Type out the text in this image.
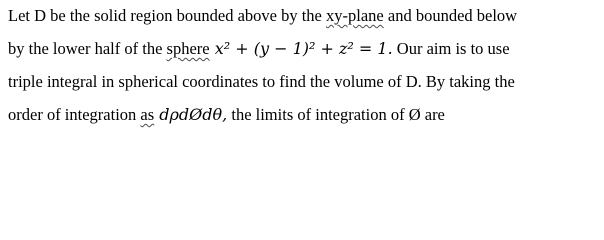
Let D be the solid region bounded above by the xy-plane and bounded below
by the lower half of the sphere x² + (y − 1)² + z² = 1. Our aim is to use
triple integral in spherical coordinates to find the volume of D. By taking the
order of integration as dρdØdθ, the limits of integration of Ø are
